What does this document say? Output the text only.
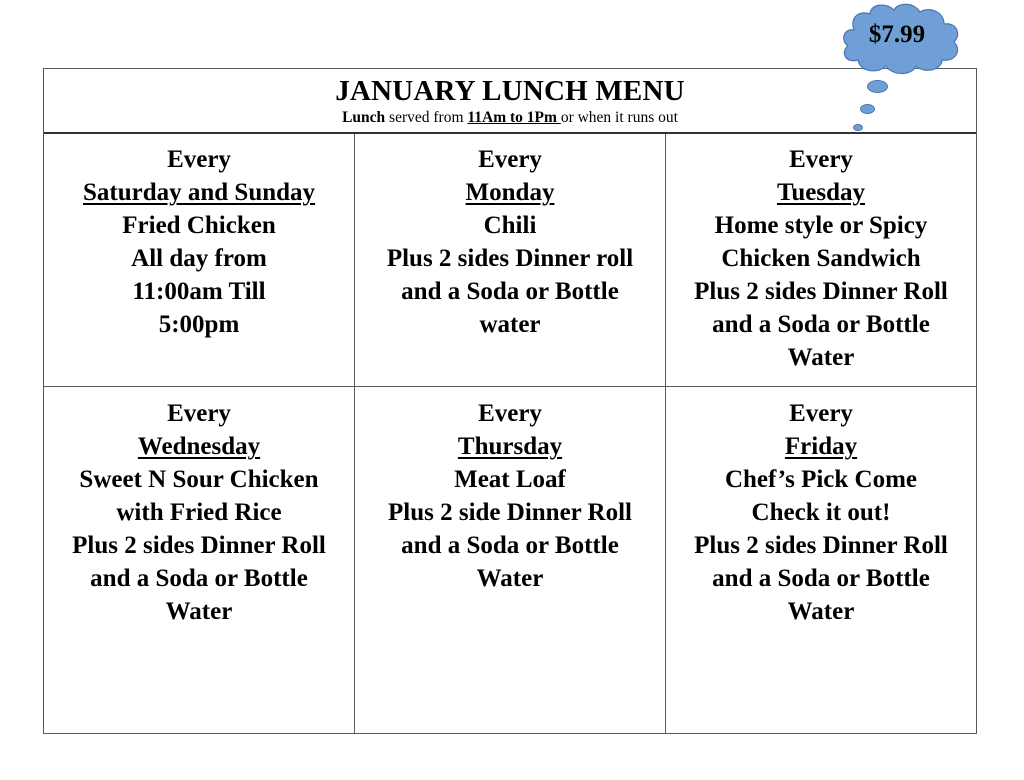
JANUARY LUNCH MENU
Lunch served from 11Am to 1Pm or when it runs out
Every
Saturday and Sunday
Fried Chicken
All day from
11:00am Till
5:00pm
Every
Monday
Chili
Plus 2 sides Dinner roll
and a Soda or Bottle
water
Every
Tuesday
Home style or Spicy
Chicken Sandwich
Plus 2 sides Dinner Roll
and a Soda or Bottle
Water
Every
Wednesday
Sweet N Sour Chicken
with Fried Rice
Plus 2 sides Dinner Roll
and a Soda or Bottle
Water
Every
Thursday
Meat Loaf
Plus 2 side Dinner Roll
and a Soda or Bottle
Water
Every
Friday
Chef’s Pick Come
Check it out!
Plus 2 sides Dinner Roll
and a Soda or Bottle
Water
$7.99
